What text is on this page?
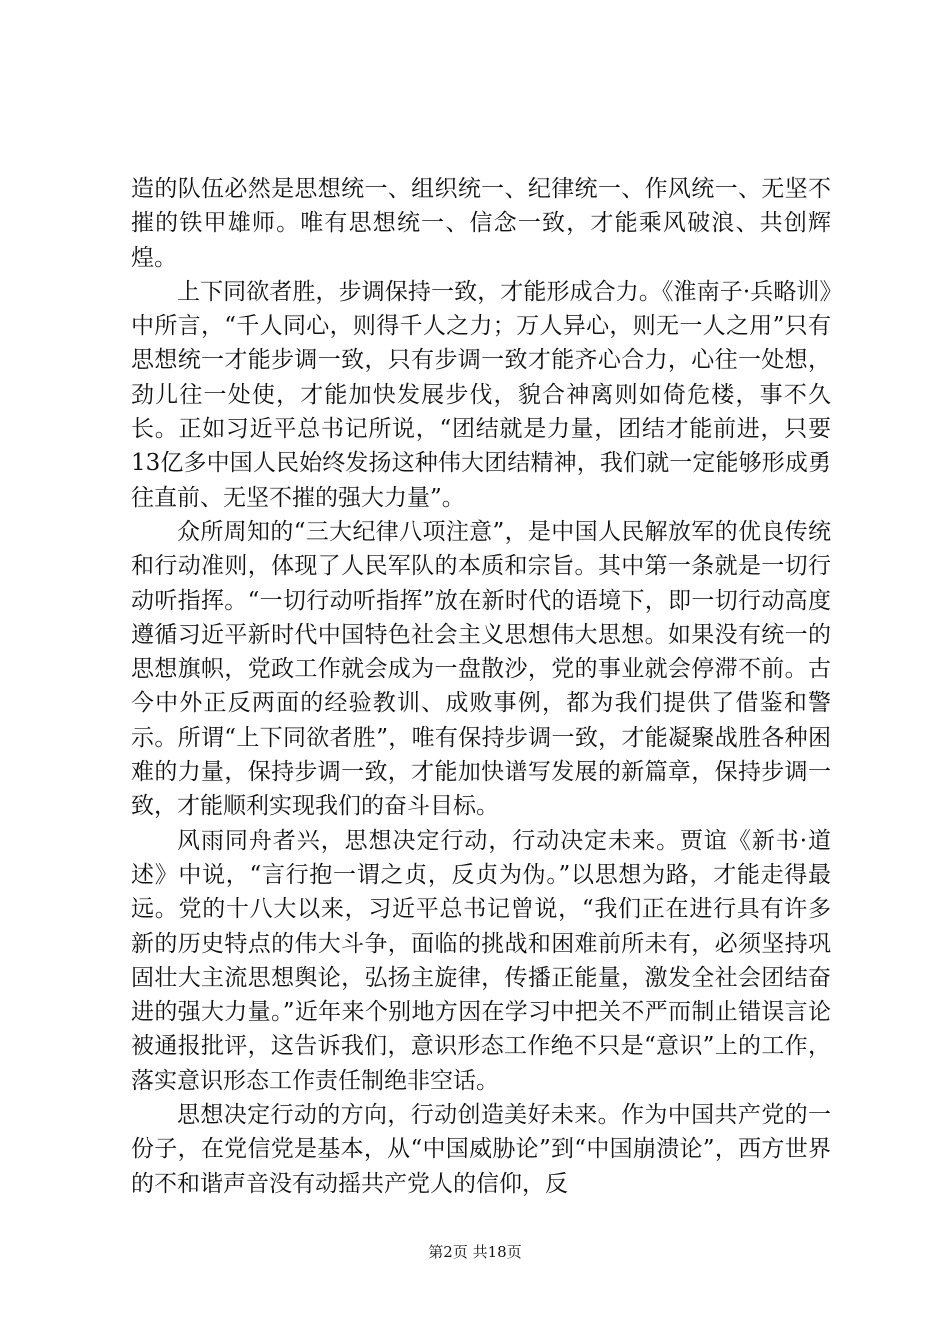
造的队伍必然是思想统一、组织统一、纪律统一、作风统一、无坚不摧的铁甲雄师。唯有思想统一、信念一致，才能乘风破浪、共创辉煌。

上下同欲者胜，步调保持一致，才能形成合力。《淮南子·兵略训》中所言，“千人同心，则得千人之力；万人异心，则无一人之用”只有思想统一才能步调一致，只有步调一致才能齐心合力，心往一处想，劲儿往一处使，才能加快发展步伐，貌合神离则如倚危楼，事不久长。正如习近平总书记所说，“团结就是力量，团结才能前进，只要13亿多中国人民始终发扬这种伟大团结精神，我们就一定能够形成勇往直前、无坚不摧的强大力量”。

众所周知的“三大纪律八项注意”，是中国人民解放军的优良传统和行动准则，体现了人民军队的本质和宗旨。其中第一条就是一切行动听指挥。“一切行动听指挥”放在新时代的语境下，即一切行动高度遵循习近平新时代中国特色社会主义思想伟大思想。如果没有统一的思想旗帜，党政工作就会成为一盘散沙，党的事业就会停滞不前。古今中外正反两面的经验教训、成败事例，都为我们提供了借鉴和警示。所谓“上下同欲者胜”，唯有保持步调一致，才能凝聚战胜各种困难的力量，保持步调一致，才能加快谱写发展的新篇章，保持步调一致，才能顺利实现我们的奋斗目标。

风雨同舟者兴，思想决定行动，行动决定未来。贾谊《新书·道述》中说，“言行抱一谓之贞，反贞为伪。”以思想为路，才能走得最远。党的十八大以来，习近平总书记曾说，“我们正在进行具有许多新的历史特点的伟大斗争，面临的挑战和困难前所未有，必须坚持巩固壮大主流思想舆论，弘扬主旋律，传播正能量，激发全社会团结奋进的强大力量。”近年来个别地方因在学习中把关不严而制止错误言论被通报批评，这告诉我们，意识形态工作绝不只是“意识”上的工作，落实意识形态工作责任制绝非空话。

思想决定行动的方向，行动创造美好未来。作为中国共产党的一份子，在党信党是基本，从“中国威胁论”到“中国崩溃论”，西方世界的不和谐声音没有动摇共产党人的信仰，反

第2页 共18页
